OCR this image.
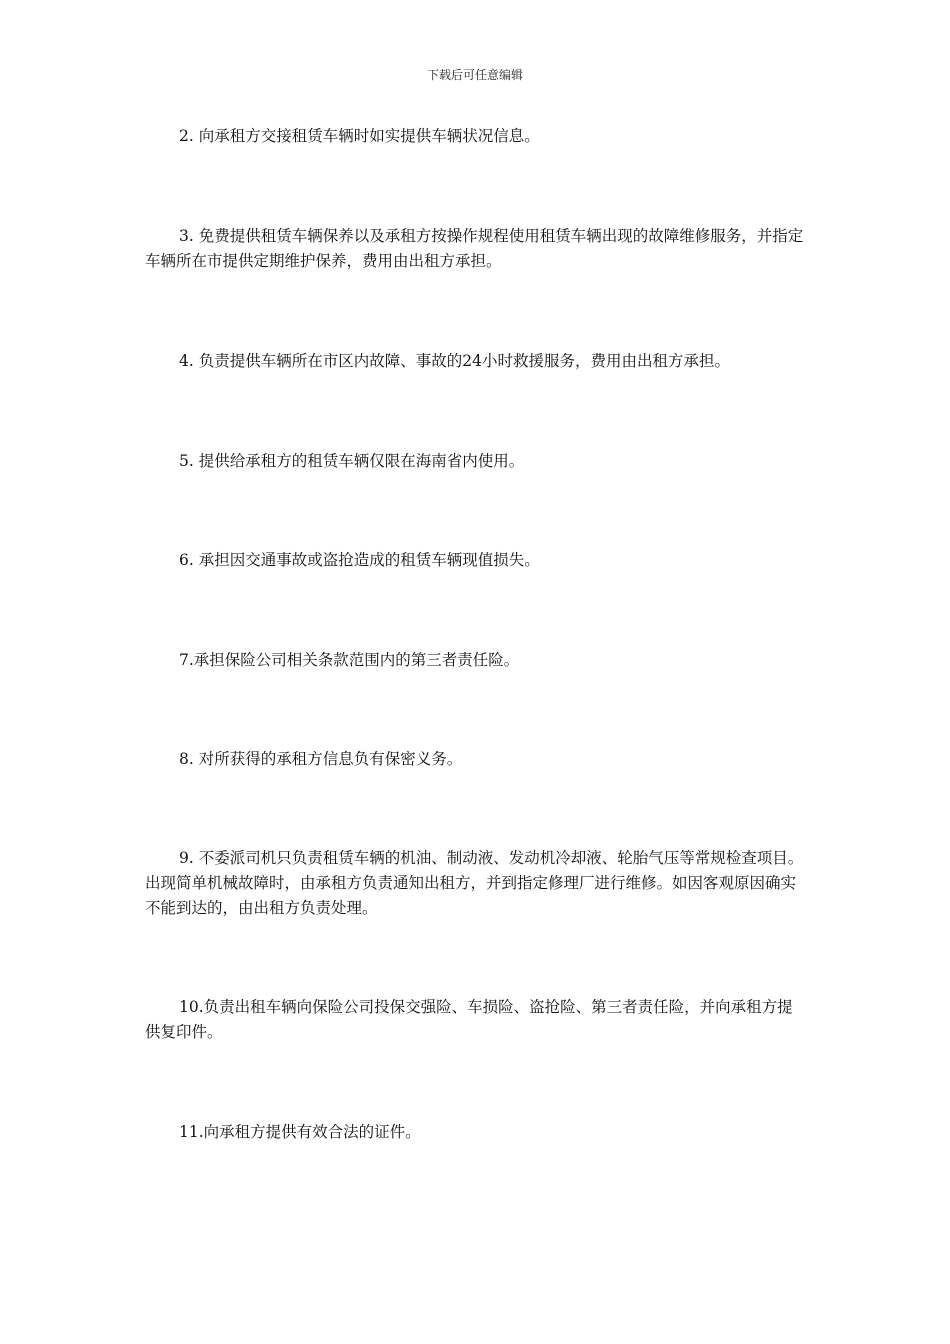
下载后可任意编辑

2. 向承租方交接租赁车辆时如实提供车辆状况信息。

3. 免费提供租赁车辆保养以及承租方按操作规程使用租赁车辆出现的故障维修服务，并指定车辆所在市提供定期维护保养，费用由出租方承担。

4. 负责提供车辆所在市区内故障、事故的24小时救援服务，费用由出租方承担。

5. 提供给承租方的租赁车辆仅限在海南省内使用。

6. 承担因交通事故或盗抢造成的租赁车辆现值损失。

7.承担保险公司相关条款范围内的第三者责任险。

8. 对所获得的承租方信息负有保密义务。

9. 不委派司机只负责租赁车辆的机油、制动液、发动机冷却液、轮胎气压等常规检查项目。出现简单机械故障时，由承租方负责通知出租方，并到指定修理厂进行维修。如因客观原因确实不能到达的，由出租方负责处理。

10.负责出租车辆向保险公司投保交强险、车损险、盗抢险、第三者责任险，并向承租方提供复印件。

11.向承租方提供有效合法的证件。
